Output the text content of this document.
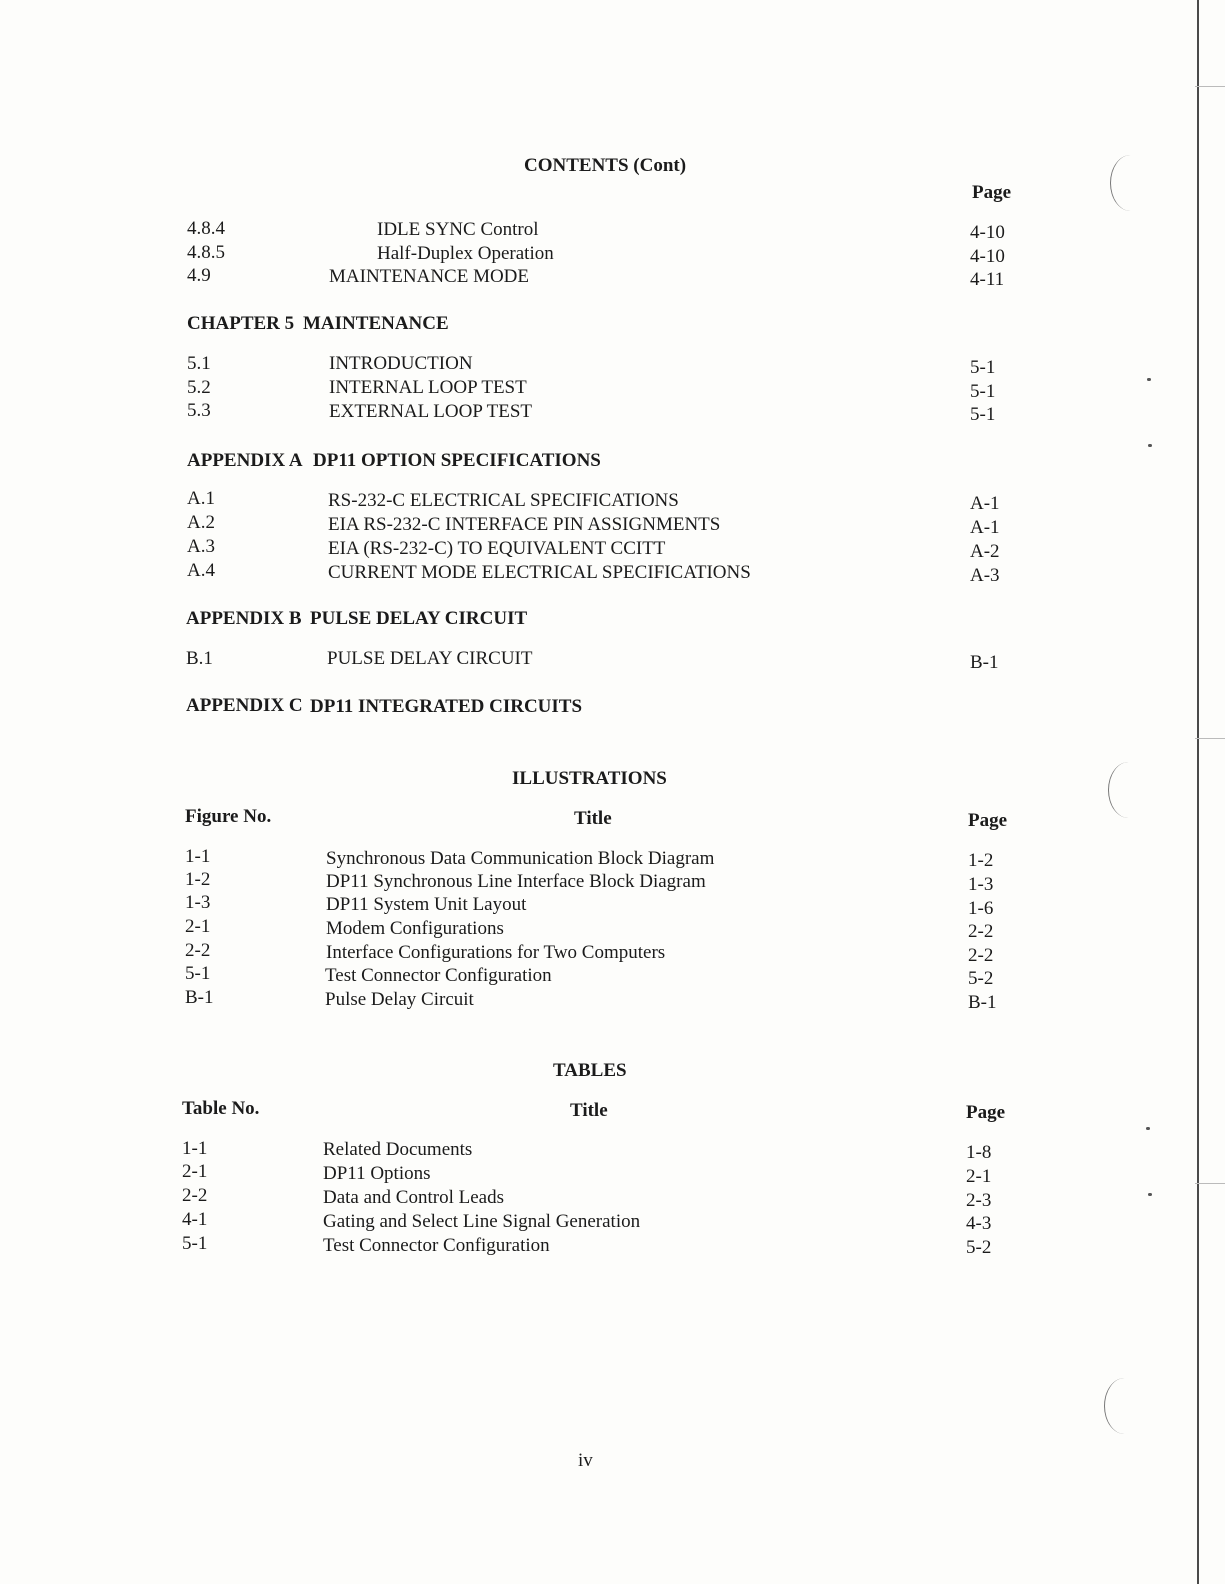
CONTENTS (Cont)
Page
4.8.4	IDLE SYNC Control	4-10
4.8.5	Half-Duplex Operation	4-10
4.9	MAINTENANCE MODE	4-11
CHAPTER 5 MAINTENANCE
5.1	INTRODUCTION	5-1
5.2	INTERNAL LOOP TEST	5-1
5.3	EXTERNAL LOOP TEST	5-1
APPENDIX A DP11 OPTION SPECIFICATIONS
A.1	RS-232-C ELECTRICAL SPECIFICATIONS	A-1
A.2	EIA RS-232-C INTERFACE PIN ASSIGNMENTS	A-1
A.3	EIA (RS-232-C) TO EQUIVALENT CCITT	A-2
A.4	CURRENT MODE ELECTRICAL SPECIFICATIONS	A-3
APPENDIX B PULSE DELAY CIRCUIT
B.1	PULSE DELAY CIRCUIT	B-1
APPENDIX C DP11 INTEGRATED CIRCUITS
ILLUSTRATIONS
Figure No.	Title	Page
1-1	Synchronous Data Communication Block Diagram	1-2
1-2	DP11 Synchronous Line Interface Block Diagram	1-3
1-3	DP11 System Unit Layout	1-6
2-1	Modem Configurations	2-2
2-2	Interface Configurations for Two Computers	2-2
5-1	Test Connector Configuration	5-2
B-1	Pulse Delay Circuit	B-1
TABLES
Table No.	Title	Page
1-1	Related Documents	1-8
2-1	DP11 Options	2-1
2-2	Data and Control Leads	2-3
4-1	Gating and Select Line Signal Generation	4-3
5-1	Test Connector Configuration	5-2
iv
